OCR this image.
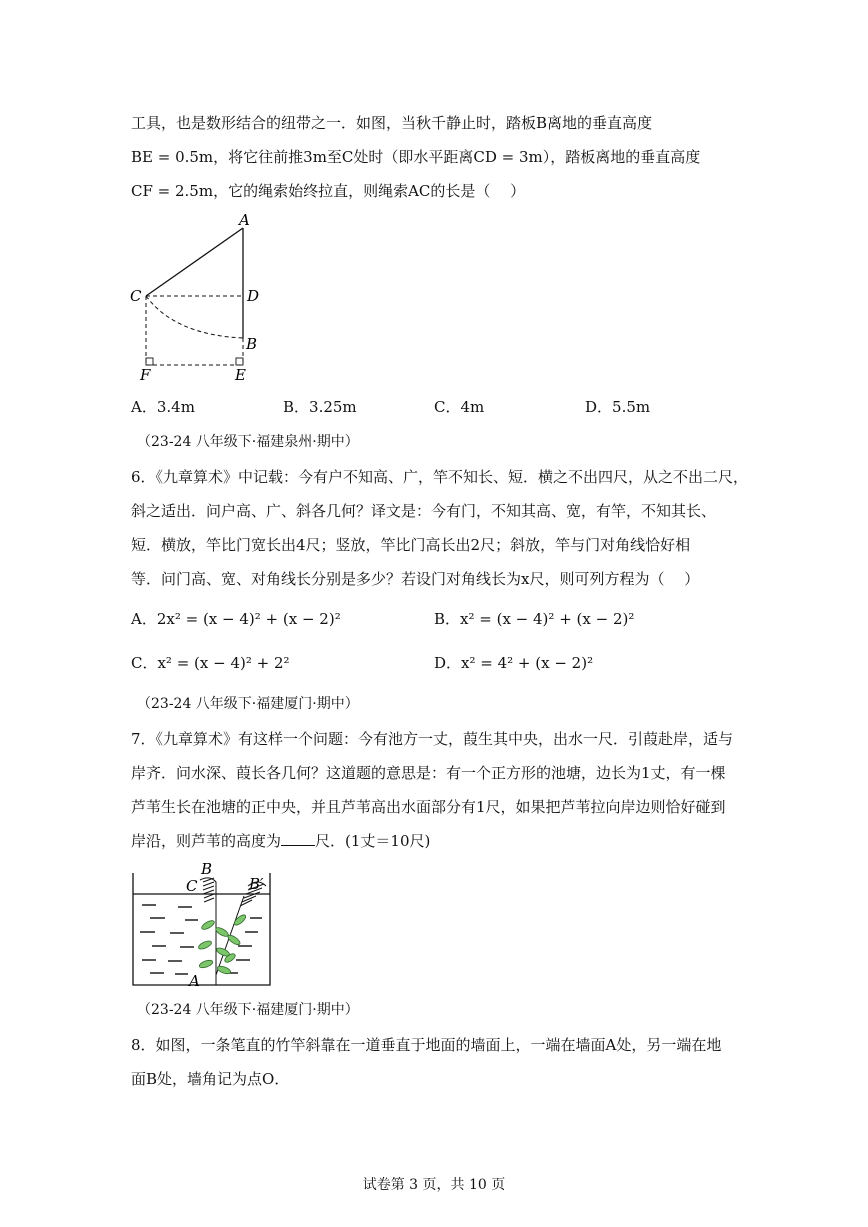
工具，也是数形结合的纽带之一．如图，当秋千静止时，踏板B离地的垂直高度
BE = 0.5m，将它往前推3m至C处时（即水平距离CD = 3m），踏板离地的垂直高度
CF = 2.5m，它的绳索始终拉直，则绳索AC的长是（　 ）
A
C	D
B
F	E
A．3.4m	B．3.25m	C．4m	D．5.5m
（23-24 八年级下·福建泉州·期中）
6．《九章算术》中记载：今有户不知高、广，竿不知长、短．横之不出四尺，从之不出二尺，
斜之适出．问户高、广、斜各几何？译文是：今有门，不知其高、宽，有竿，不知其长、
短．横放，竿比门宽长出4尺；竖放，竿比门高长出2尺；斜放，竿与门对角线恰好相
等．问门高、宽、对角线长分别是多少？若设门对角线长为x尺，则可列方程为（　 ）
A．2x² = (x − 4)² + (x − 2)²	B．x² = (x − 4)² + (x − 2)²
C．x² = (x − 4)² + 2²	D．x² = 4² + (x − 2)²
（23-24 八年级下·福建厦门·期中）
7．《九章算术》有这样一个问题：今有池方一丈，葭生其中央，出水一尺．引葭赴岸，适与
岸齐．问水深、葭长各几何？这道题的意思是：有一个正方形的池塘，边长为1丈，有一棵
芦苇生长在池塘的正中央，并且芦苇高出水面部分有1尺，如果把芦苇拉向岸边则恰好碰到
岸沿，则芦苇的高度为 尺．(1丈＝10尺)
B
C	B′
A
（23-24 八年级下·福建厦门·期中）
8．如图，一条笔直的竹竿斜靠在一道垂直于地面的墙面上，一端在墙面A处，另一端在地
面B处，墙角记为点O．
试卷第 3 页，共 10 页
